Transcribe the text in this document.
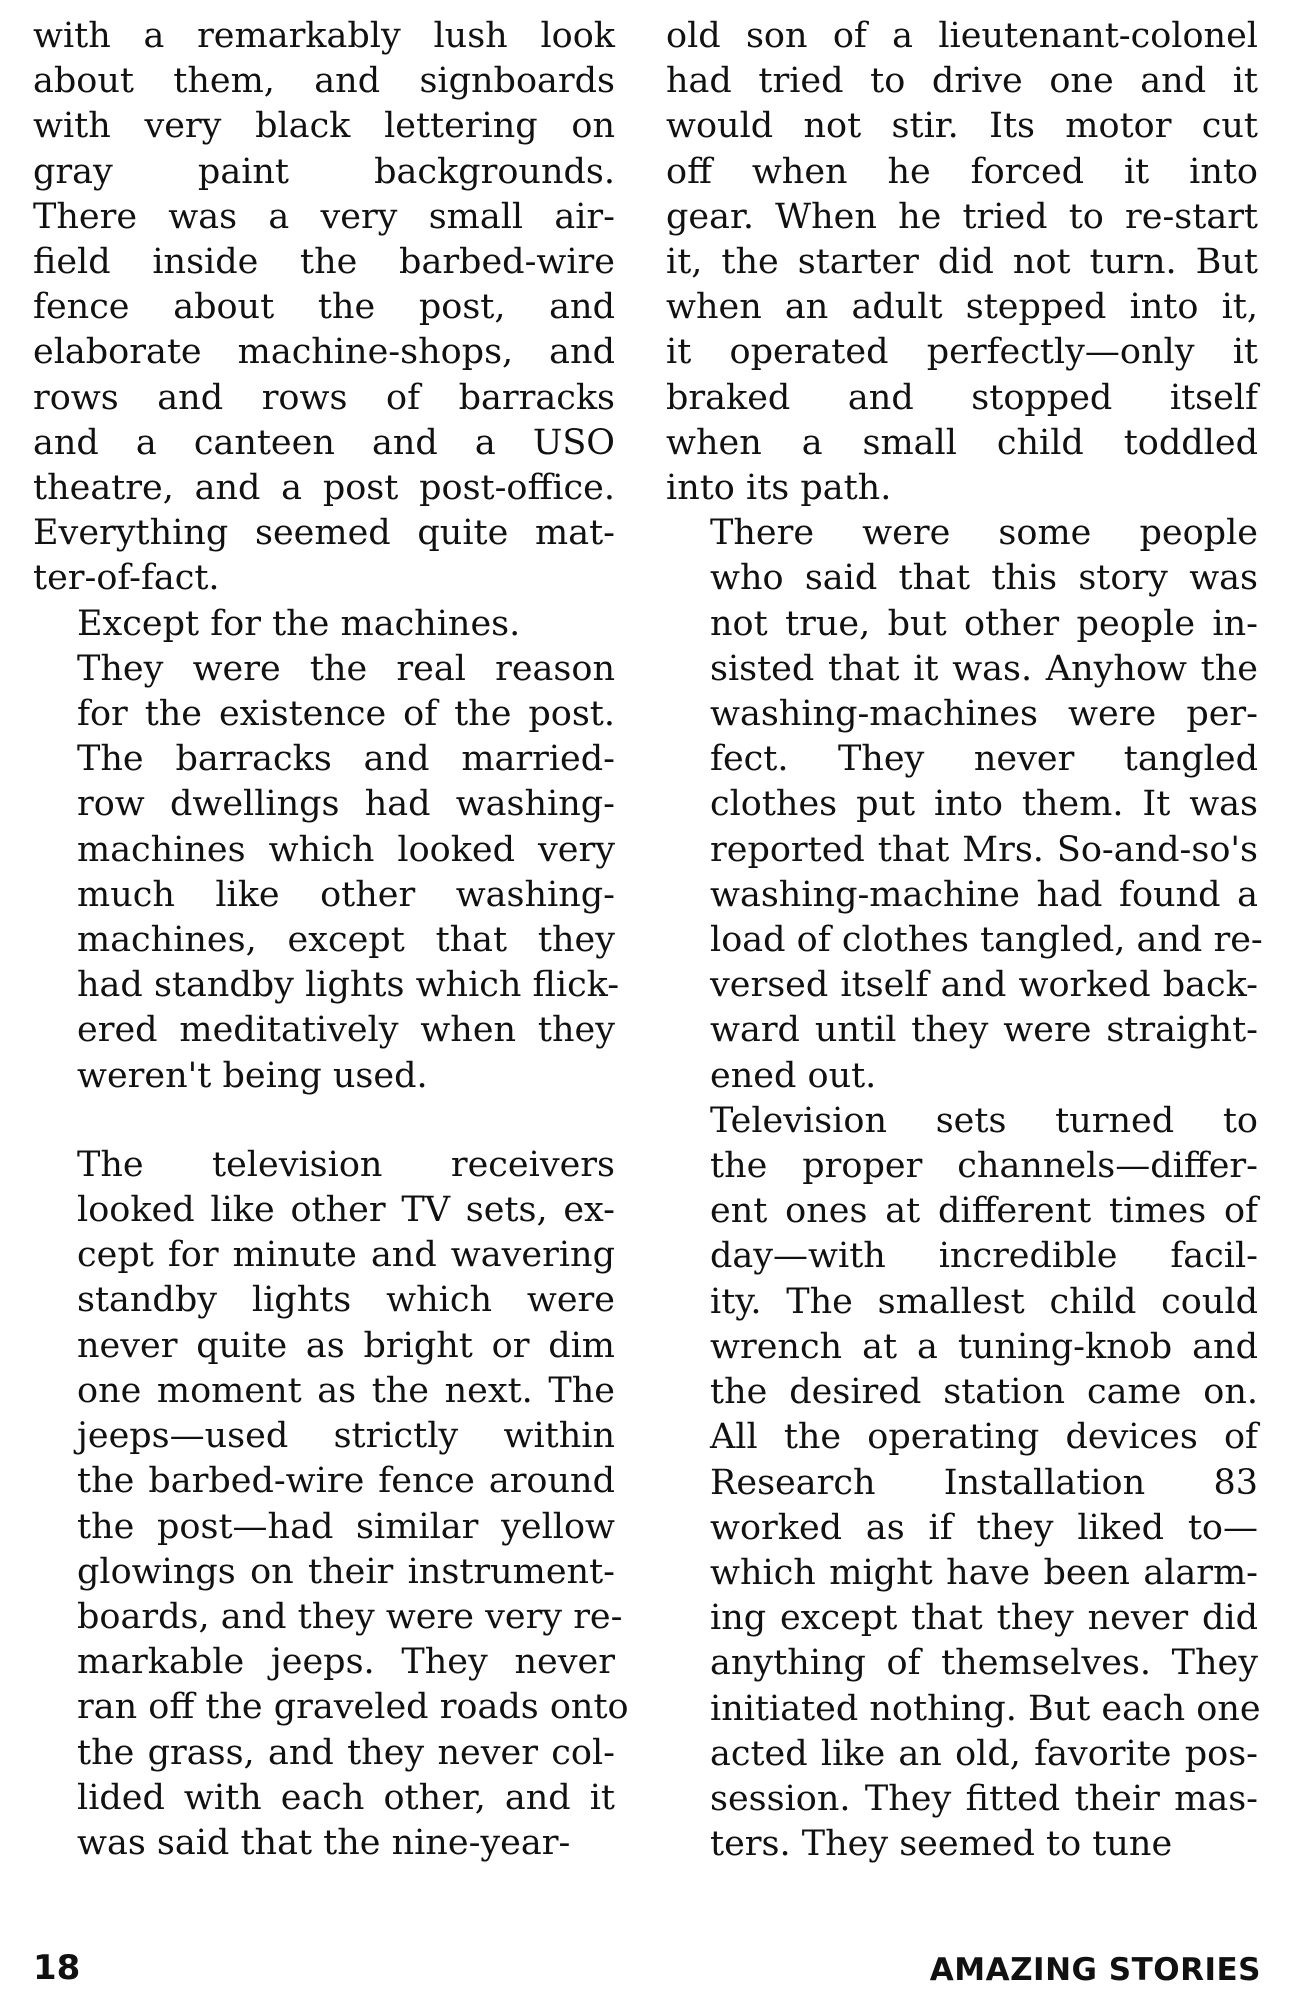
with a remarkably lush look
about them, and signboards
with very black lettering on
gray paint backgrounds.
There was a very small air-
field inside the barbed-wire
fence about the post, and
elaborate machine-shops, and
rows and rows of barracks
and a canteen and a USO
theatre, and a post post-office.
Everything seemed quite mat-
ter-of-fact.

Except for the machines.

They were the real reason
for the existence of the post.
The barracks and married-
row dwellings had washing-
machines which looked very
much like other washing-
machines, except that they
had standby lights which flick-
ered meditatively when they
weren't being used.

The television receivers
looked like other TV sets, ex-
cept for minute and wavering
standby lights which were
never quite as bright or dim
one moment as the next. The
jeeps—used strictly within
the barbed-wire fence around
the post—had similar yellow
glowings on their instrument-
boards, and they were very re-
markable jeeps. They never
ran off the graveled roads onto
the grass, and they never col-
lided with each other, and it
was said that the nine-year-

old son of a lieutenant-colonel
had tried to drive one and it
would not stir. Its motor cut
off when he forced it into
gear. When he tried to re-start
it, the starter did not turn. But
when an adult stepped into it,
it operated perfectly—only it
braked and stopped itself
when a small child toddled
into its path.

There were some people
who said that this story was
not true, but other people in-
sisted that it was. Anyhow the
washing-machines were per-
fect. They never tangled
clothes put into them. It was
reported that Mrs. So-and-so's
washing-machine had found a
load of clothes tangled, and re-
versed itself and worked back-
ward until they were straight-
ened out.

Television sets turned to
the proper channels—differ-
ent ones at different times of
day—with incredible facil-
ity. The smallest child could
wrench at a tuning-knob and
the desired station came on.
All the operating devices of
Research Installation 83
worked as if they liked to—
which might have been alarm-
ing except that they never did
anything of themselves. They
initiated nothing. But each one
acted like an old, favorite pos-
session. They fitted their mas-
ters. They seemed to tune

18	AMAZING STORIES
